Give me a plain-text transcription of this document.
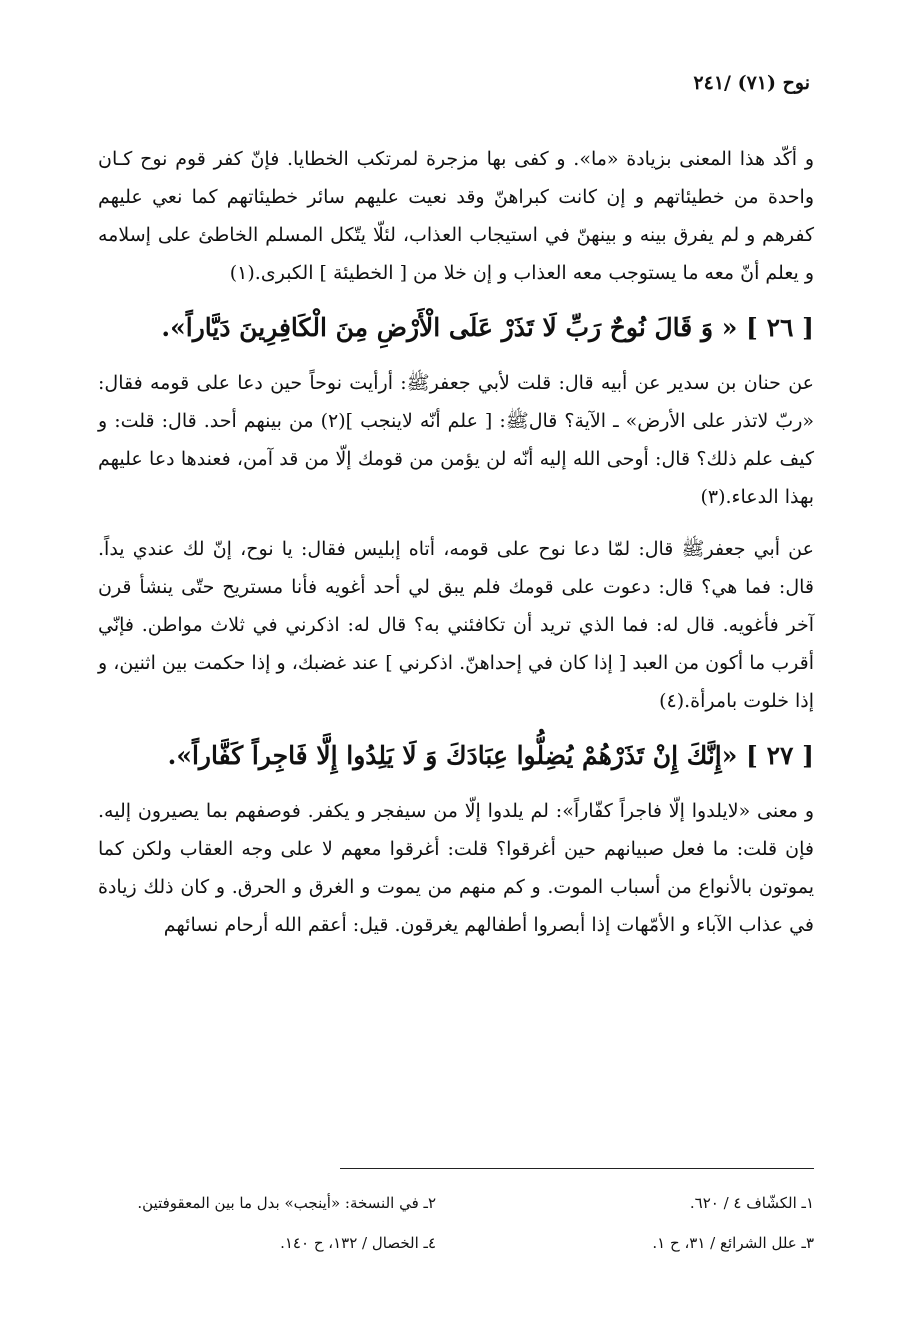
نوح (٧١) /٢٤١

و أكّد هذا المعنى بزيادة «ما». و كفى بها مزجرة لمرتكب الخطايا. فإنّ كفر قوم نوح كـان واحدة من خطيئاتهم و إن كانت كبراهنّ وقد نعيت عليهم سائر خطيئاتهم كما نعي عليهم كفرهم و لم يفرق بينه و بينهنّ في استيجاب العذاب، لئلّا يتّكل المسلم الخاطئ على إسلامه و يعلم أنّ معه ما يستوجب معه العذاب و إن خلا من [ الخطيئة ] الكبرى.(١)

[ ٢٦ ] « وَ قَالَ نُوحٌ رَبِّ لَا تَذَرْ عَلَى الْأَرْضِ مِنَ الْكَافِرِينَ دَيَّاراً».

عن حنان بن سدير عن أبيه قال: قلت لأبي جعفرﷺ: أرأيت نوحاً حين دعا على قومه فقال: «ربّ لاتذر على الأرض» ـ الآية؟ قالﷺ: [ علم أنّه لاينجب ](٢) من بينهم أحد. قال: قلت: و كيف علم ذلك؟ قال: أوحى الله إليه أنّه لن يؤمن من قومك إلّا من قد آمن، فعندها دعا عليهم بهذا الدعاء.(٣)

عن أبي جعفرﷺ قال: لمّا دعا نوح على قومه، أتاه إبليس فقال: يا نوح، إنّ لك عندي يداً. قال: فما هي؟ قال: دعوت على قومك فلم يبق لي أحد أغويه فأنا مستريح حتّى ينشأ قرن آخر فأغويه. قال له: فما الذي تريد أن تكافئني به؟ قال له: اذكرني في ثلاث مواطن. فإنّي أقرب ما أكون من العبد [ إذا كان في إحداهنّ. اذكرني ] عند غضبك، و إذا حكمت بين اثنين، و إذا خلوت بامرأة.(٤)

[ ٢٧ ] «إِنَّكَ إِنْ تَذَرْهُمْ يُضِلُّوا عِبَادَكَ وَ لَا يَلِدُوا إِلَّا فَاجِراً كَفَّاراً».

و معنى «لايلدوا إلّا فاجراً كفّاراً»: لم يلدوا إلّا من سيفجر و يكفر. فوصفهم بما يصيرون إليه. فإن قلت: ما فعل صبيانهم حين أغرقوا؟ قلت: أغرقوا معهم لا على وجه العقاب ولكن كما يموتون بالأنواع من أسباب الموت. و كم منهم من يموت و الغرق و الحرق. و كان ذلك زيادة في عذاب الآباء و الأمّهات إذا أبصروا أطفالهم يغرقون. قيل: أعقم الله أرحام نسائهم

١ـ الكشّاف ٤ / ٦٢٠.
٢ـ في النسخة: «أينجب» بدل ما بين المعقوفتين.
٣ـ علل الشرائع / ٣١، ح ١.
٤ـ الخصال / ١٣٢، ح ١٤٠.
